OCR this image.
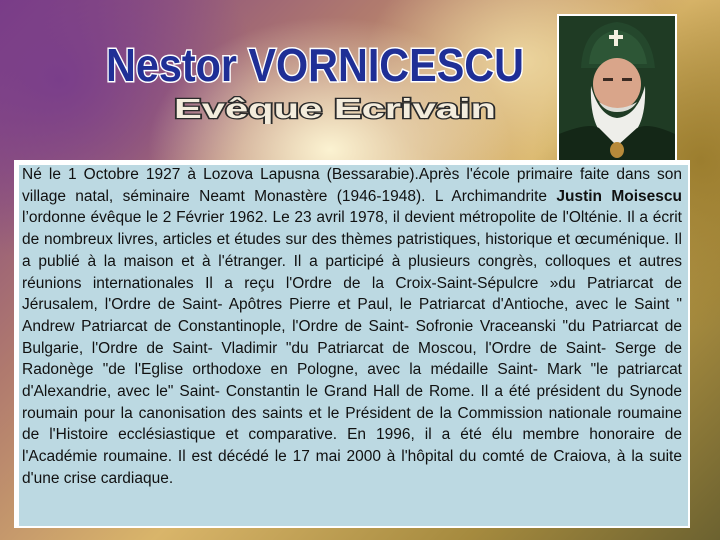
Nestor VORNICESCU
Evêque Ecrivain

Né le 1 Octobre 1927 à Lozova Lapusna (Bessarabie).Après l'école primaire faite dans son village natal, séminaire Neamt Monastère (1946-1948). L Archimandrite Justin Moisescu l’ordonne évêque le 2 Février 1962. Le 23 avril 1978, il devient métropolite de l'Olténie. Il a écrit de nombreux livres, articles et études sur des thèmes patristiques, historique et œcuménique. Il a publié à la maison et à l'étranger. Il a participé à plusieurs congrès, colloques et autres réunions internationales Il a reçu l'Ordre de la Croix-Saint-Sépulcre »du Patriarcat de Jérusalem, l'Ordre de Saint- Apôtres Pierre et Paul, le Patriarcat d'Antioche, avec le Saint " Andrew Patriarcat de Constantinople, l'Ordre de Saint- Sofronie Vraceanski "du Patriarcat de Bulgarie, l'Ordre de Saint- Vladimir "du Patriarcat de Moscou, l'Ordre de Saint- Serge de Radonège "de l'Eglise orthodoxe en Pologne, avec la médaille Saint- Mark "le patriarcat d'Alexandrie, avec le" Saint- Constantin le Grand Hall de Rome. Il a été président du Synode roumain pour la canonisation des saints et le Président de la Commission nationale roumaine de l'Histoire ecclésiastique et comparative. En 1996, il a été élu membre honoraire de l'Académie roumaine. Il est décédé le 17 mai 2000 à l'hôpital du comté de Craiova, à la suite d'une crise cardiaque.
